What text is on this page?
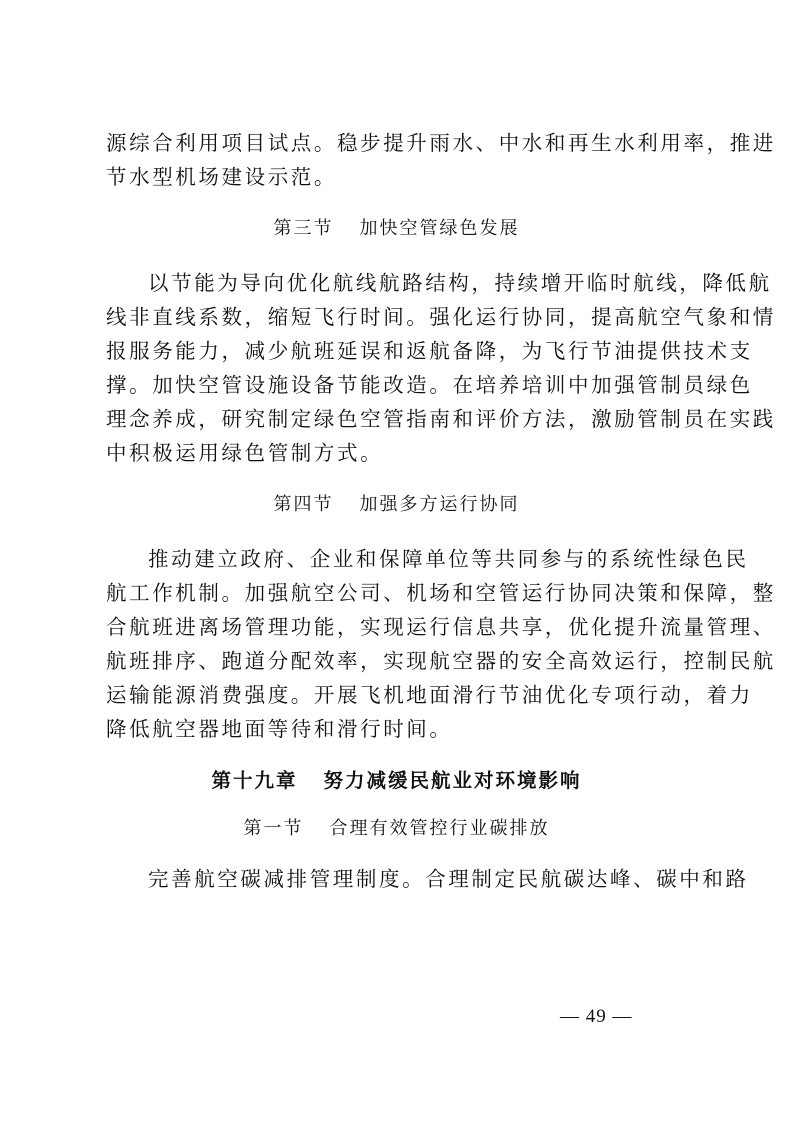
源综合利用项目试点。稳步提升雨水、中水和再生水利用率，推进
节水型机场建设示范。
第三节 加快空管绿色发展
以节能为导向优化航线航路结构，持续增开临时航线，降低航
线非直线系数，缩短飞行时间。强化运行协同，提高航空气象和情
报服务能力，减少航班延误和返航备降，为飞行节油提供技术支
撑。加快空管设施设备节能改造。在培养培训中加强管制员绿色
理念养成，研究制定绿色空管指南和评价方法，激励管制员在实践
中积极运用绿色管制方式。
第四节 加强多方运行协同
推动建立政府、企业和保障单位等共同参与的系统性绿色民
航工作机制。加强航空公司、机场和空管运行协同决策和保障，整
合航班进离场管理功能，实现运行信息共享，优化提升流量管理、
航班排序、跑道分配效率，实现航空器的安全高效运行，控制民航
运输能源消费强度。开展飞机地面滑行节油优化专项行动，着力
降低航空器地面等待和滑行时间。
第十九章 努力减缓民航业对环境影响
第一节 合理有效管控行业碳排放
完善航空碳减排管理制度。合理制定民航碳达峰、碳中和路
— 49 —
